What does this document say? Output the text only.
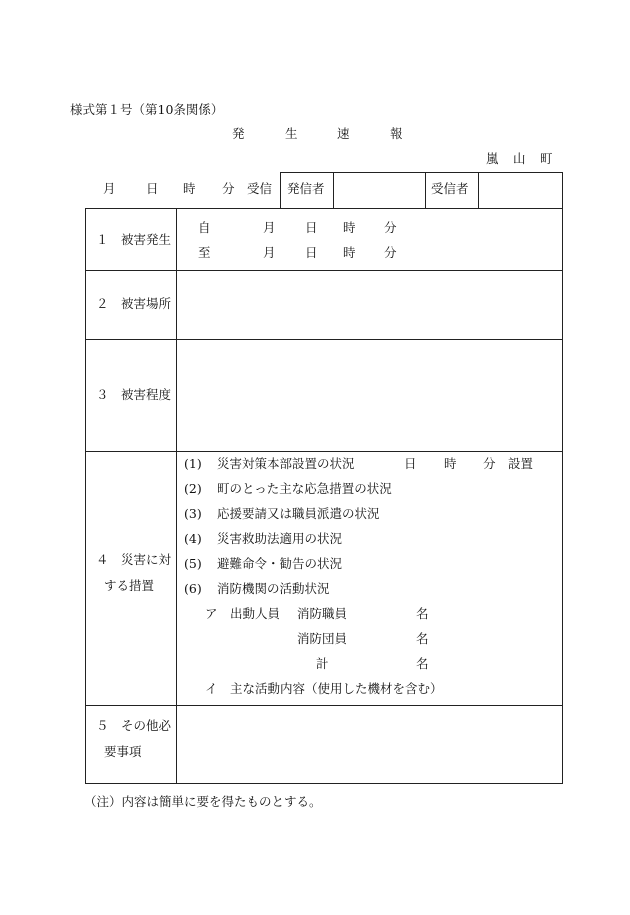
様式第１号（第10条関係）
発	生	速	報
嵐 山 町
月 日 時 分 受信 発信者	受信者
１　被害発生
自	月 日 時 分
至	月 日 時 分
２　被害場所
３　被害程度
４　災害に対
する措置
(1) 災害対策本部設置の状況	日 時 分 設置
(2) 町のとった主な応急措置の状況
(3) 応援要請又は職員派遣の状況
(4) 災害救助法適用の状況
(5) 避難命令・勧告の状況
(6) 消防機関の活動状況
ア　出動人員 消防職員	名
消防団員	名
計	名
イ　主な活動内容（使用した機材を含む）
５　その他必
要事項
（注）内容は簡単に要を得たものとする。
